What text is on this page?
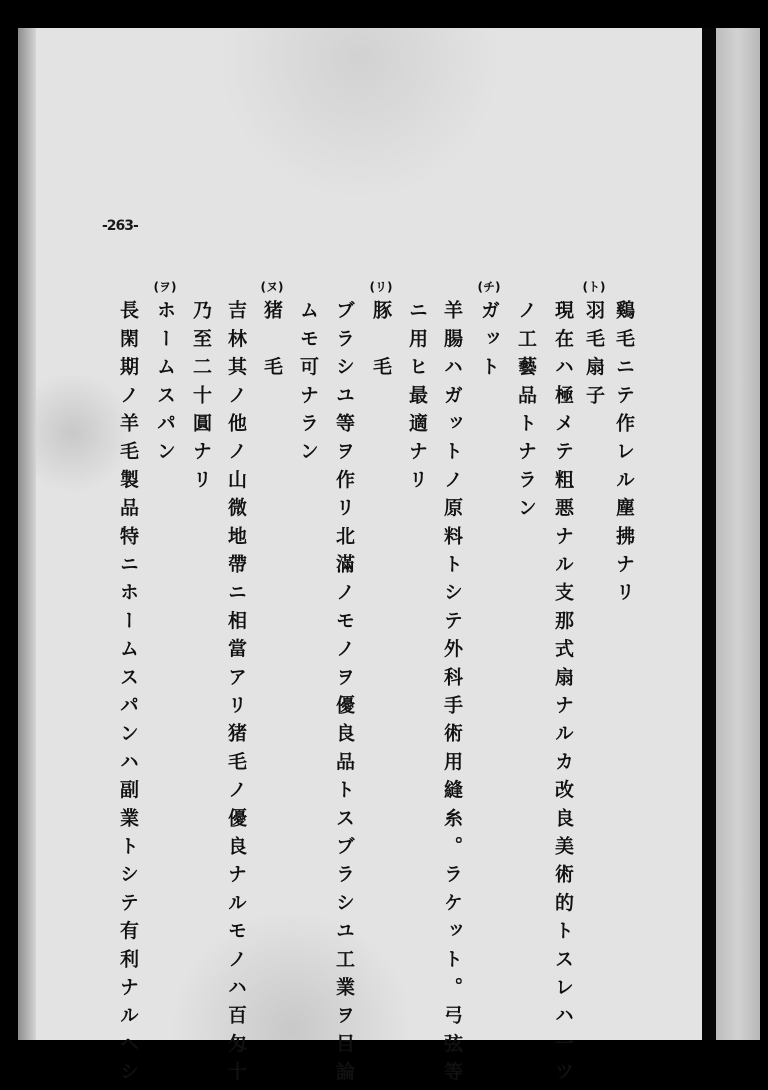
-263-
鷄毛ニテ作レル塵拂ナリ
(ト)
羽毛扇子
現在ハ極メテ粗悪ナル支那式扇ナルカ改良美術的トスレハ一ツ
ノ工藝品トナラン
(チ)
ガット
羊腸ハガットノ原料トシテ外科手術用縫糸。ラケット。弓弦等
ニ用ヒ最適ナリ
(リ)
豚　毛
ブラシユ等ヲ作リ北滿ノモノヲ優良品トスブラシユ工業ヲ目論
ムモ可ナラン
(ヌ)
猪　毛
吉林其ノ他ノ山微地帶ニ相當アリ猪毛ノ優良ナルモノハ百匁十
乃至二十圓ナリ
(ヲ)
ホームスパン
長閑期ノ羊毛製品特ニホームスパンハ副業トシテ有利ナルヘシ
